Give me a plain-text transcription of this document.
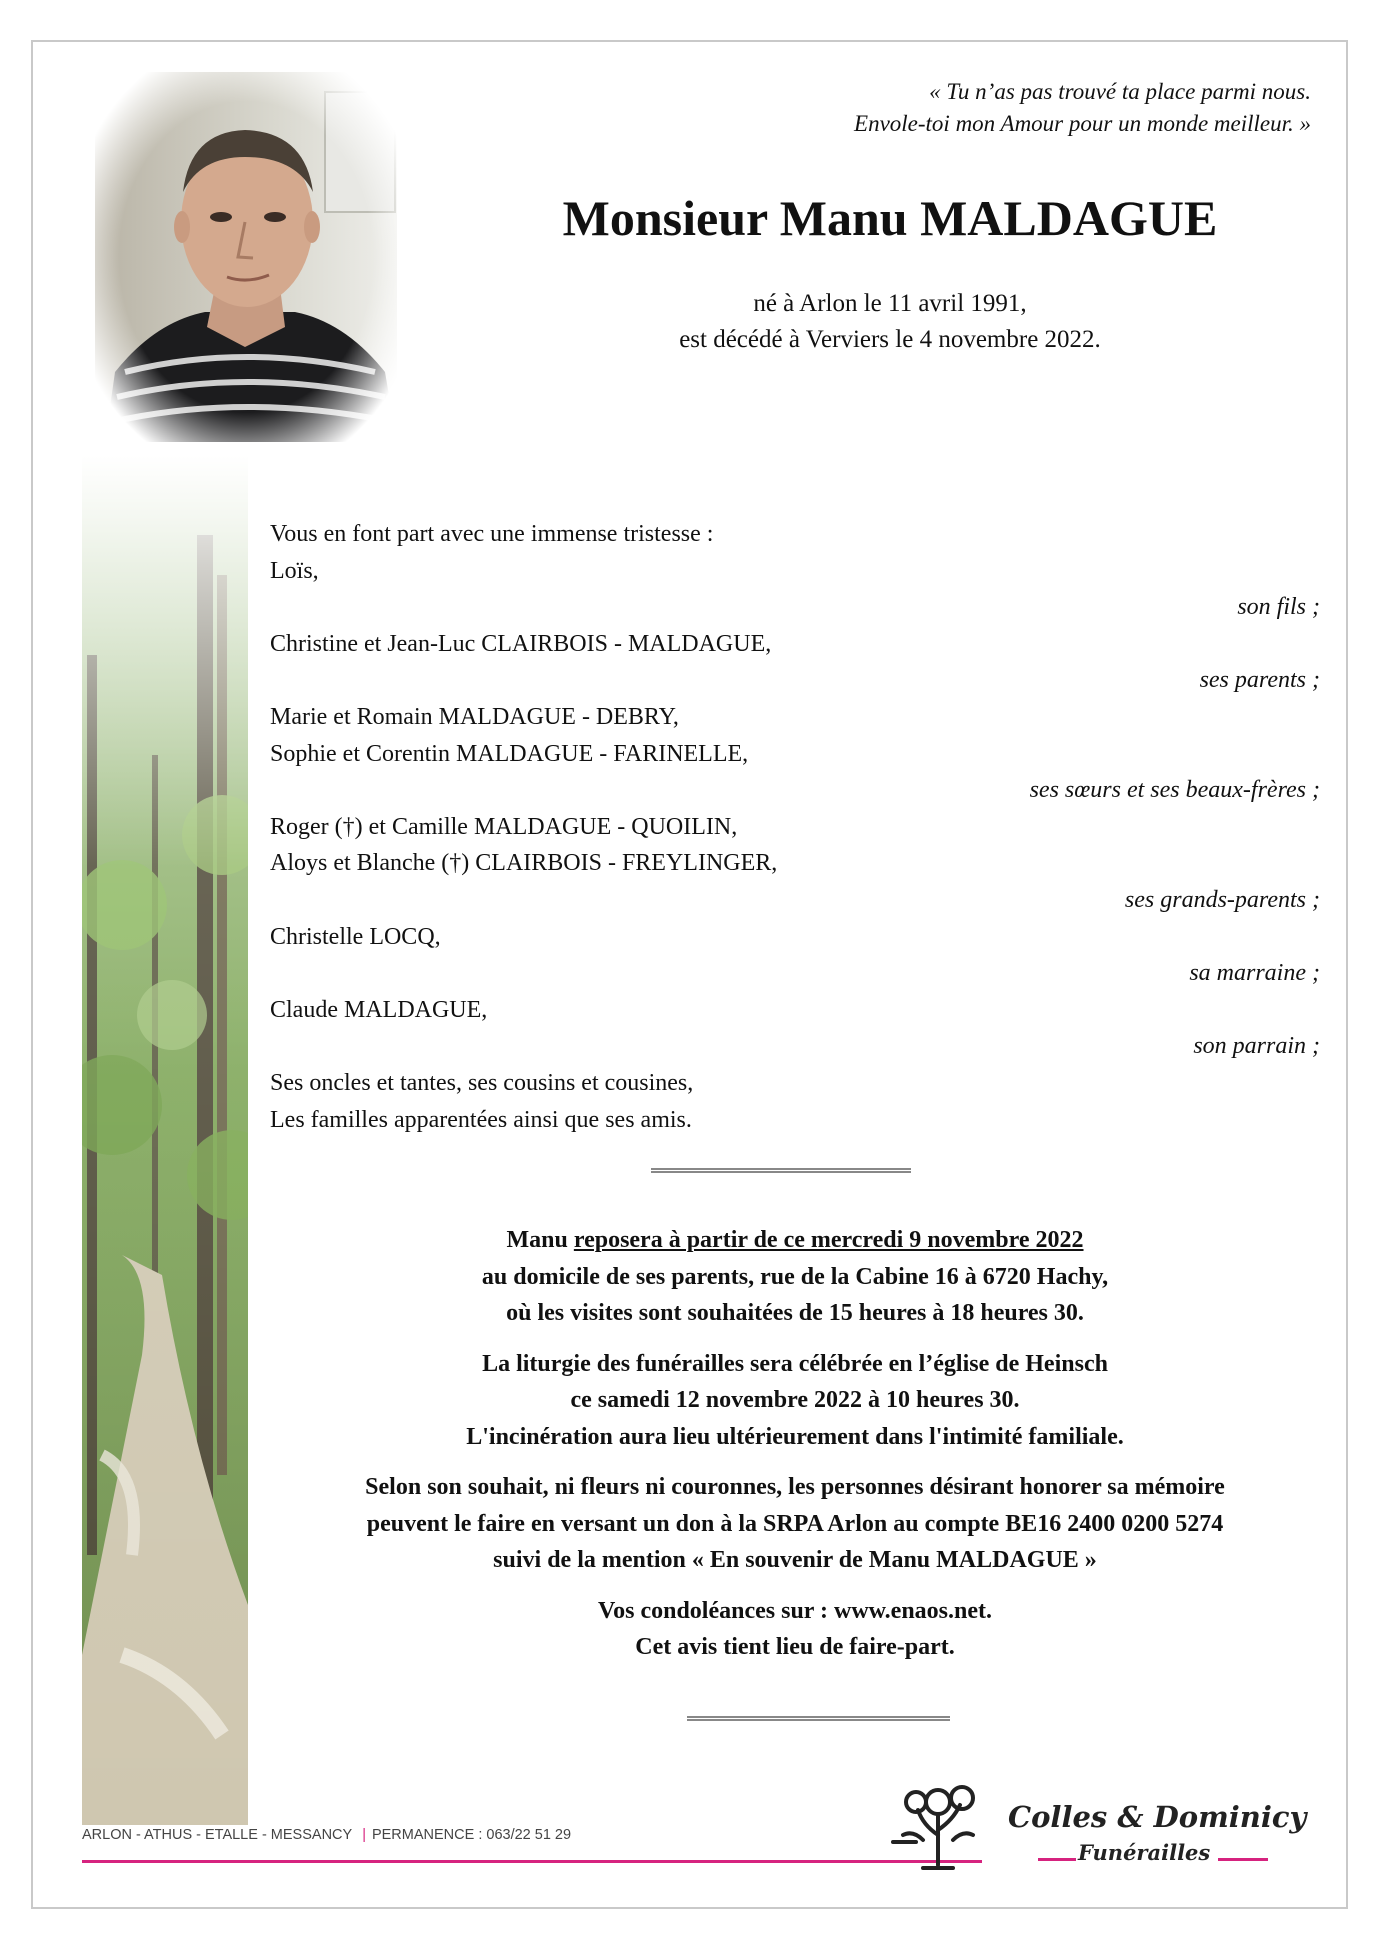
« Tu n’as pas trouvé ta place parmi nous.
Envole-toi mon Amour pour un monde meilleur. »
Monsieur Manu MALDAGUE
né à Arlon le 11 avril 1991,
est décédé à Verviers le 4 novembre 2022.
Vous en font part avec une immense tristesse :
Loïs,
son fils ;
Christine et Jean-Luc CLAIRBOIS - MALDAGUE,
ses parents ;
Marie et Romain MALDAGUE - DEBRY,
Sophie et Corentin MALDAGUE - FARINELLE,
ses sœurs et ses beaux-frères ;
Roger (†) et Camille MALDAGUE - QUOILIN,
Aloys et Blanche (†) CLAIRBOIS - FREYLINGER,
ses grands-parents ;
Christelle LOCQ,
sa marraine ;
Claude MALDAGUE,
son parrain ;
Ses oncles et tantes, ses cousins et cousines,
Les familles apparentées ainsi que ses amis.

Manu reposera à partir de ce mercredi 9 novembre 2022
au domicile de ses parents, rue de la Cabine 16 à 6720 Hachy,
où les visites sont souhaitées de 15 heures à 18 heures 30.

La liturgie des funérailles sera célébrée en l’église de Heinsch
ce samedi 12 novembre 2022 à 10 heures 30.
L'incinération aura lieu ultérieurement dans l'intimité familiale.

Selon son souhait, ni fleurs ni couronnes, les personnes désirant honorer sa mémoire
peuvent le faire en versant un don à la SRPA Arlon au compte BE16 2400 0200 5274
suivi de la mention « En souvenir de Manu MALDAGUE »

Vos condoléances sur : www.enaos.net.
Cet avis tient lieu de faire-part.

ARLON - ATHUS - ETALLE - MESSANCY | PERMANENCE : 063/22 51 29
Colles & Dominicy
Funérailles
